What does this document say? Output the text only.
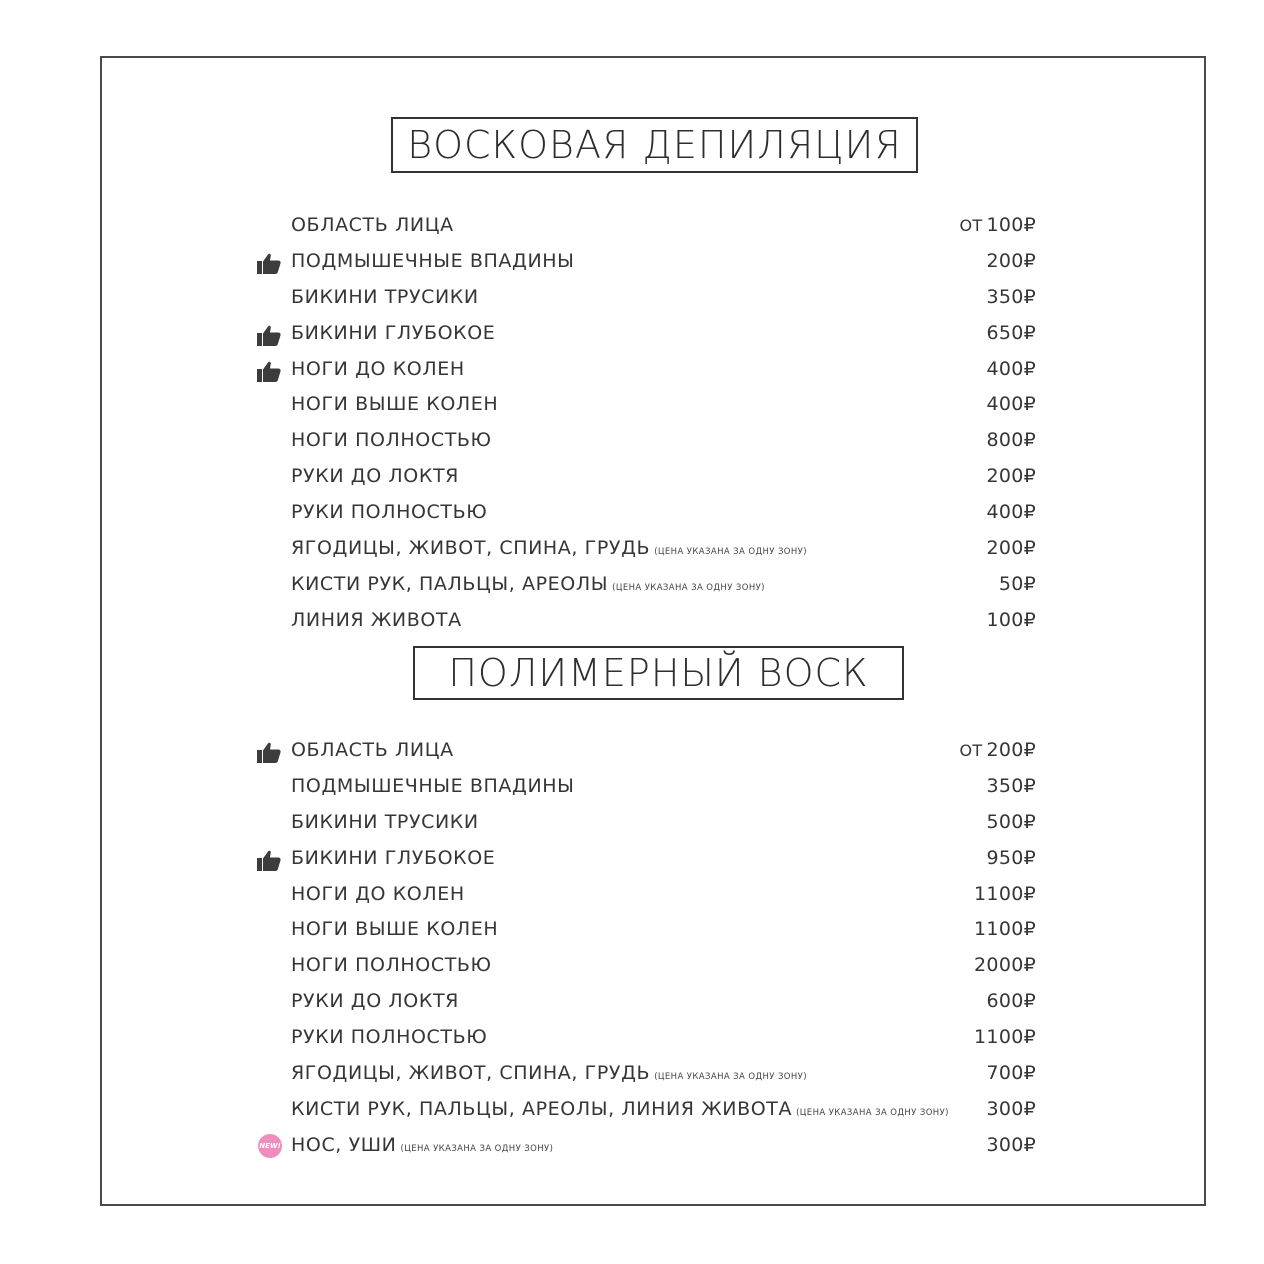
ВОСКОВАЯ ДЕПИЛЯЦИЯ
ОБЛАСТЬ ЛИЦА	ОТ 100₽
ПОДМЫШЕЧНЫЕ ВПАДИНЫ	200₽
БИКИНИ ТРУСИКИ	350₽
БИКИНИ ГЛУБОКОЕ	650₽
НОГИ ДО КОЛЕН	400₽
НОГИ ВЫШЕ КОЛЕН	400₽
НОГИ ПОЛНОСТЬЮ	800₽
РУКИ ДО ЛОКТЯ	200₽
РУКИ ПОЛНОСТЬЮ	400₽
ЯГОДИЦЫ, ЖИВОТ, СПИНА, ГРУДЬ (ЦЕНА УКАЗАНА ЗА ОДНУ ЗОНУ)	200₽
КИСТИ РУК, ПАЛЬЦЫ, АРЕОЛЫ (ЦЕНА УКАЗАНА ЗА ОДНУ ЗОНУ)	50₽
ЛИНИЯ ЖИВОТА	100₽
ПОЛИМЕРНЫЙ ВОСК
ОБЛАСТЬ ЛИЦА	ОТ 200₽
ПОДМЫШЕЧНЫЕ ВПАДИНЫ	350₽
БИКИНИ ТРУСИКИ	500₽
БИКИНИ ГЛУБОКОЕ	950₽
НОГИ ДО КОЛЕН	1100₽
НОГИ ВЫШЕ КОЛЕН	1100₽
НОГИ ПОЛНОСТЬЮ	2000₽
РУКИ ДО ЛОКТЯ	600₽
РУКИ ПОЛНОСТЬЮ	1100₽
ЯГОДИЦЫ, ЖИВОТ, СПИНА, ГРУДЬ (ЦЕНА УКАЗАНА ЗА ОДНУ ЗОНУ)	700₽
КИСТИ РУК, ПАЛЬЦЫ, АРЕОЛЫ, ЛИНИЯ ЖИВОТА (ЦЕНА УКАЗАНА ЗА ОДНУ ЗОНУ) 300₽
NEW! НОС, УШИ (ЦЕНА УКАЗАНА ЗА ОДНУ ЗОНУ)	300₽
